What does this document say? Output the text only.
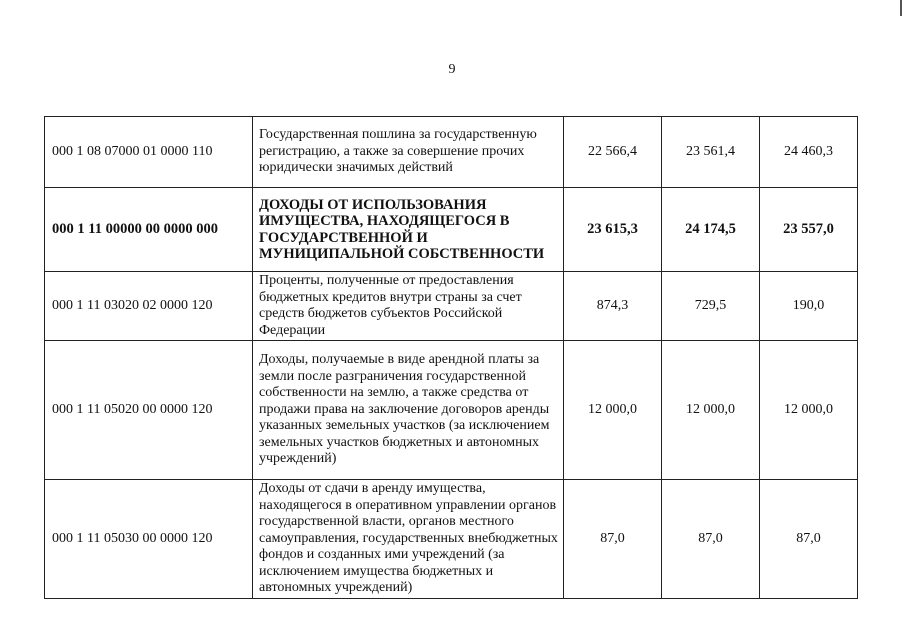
9
000 1 08 07000 01 0000 110	Государственная пошлина за государственную регистрацию, а также за совершение прочих юридически значимых действий	22 566,4	23 561,4	24 460,3
000 1 11 00000 00 0000 000	ДОХОДЫ ОТ ИСПОЛЬЗОВАНИЯ ИМУЩЕСТВА, НАХОДЯЩЕГОСЯ В ГОСУДАРСТВЕННОЙ И МУНИЦИПАЛЬНОЙ СОБСТВЕННОСТИ	23 615,3	24 174,5	23 557,0
000 1 11 03020 02 0000 120	Проценты, полученные от предоставления бюджетных кредитов внутри страны за счет средств бюджетов субъектов Российской Федерации	874,3	729,5	190,0
000 1 11 05020 00 0000 120	Доходы, получаемые в виде арендной платы за земли после разграничения государственной собственности на землю, а также средства от продажи права на заключение договоров аренды указанных земельных участков (за исключением земельных участков бюджетных и автономных учреждений)	12 000,0	12 000,0	12 000,0
000 1 11 05030 00 0000 120	Доходы от сдачи в аренду имущества, находящегося в оперативном управлении органов государственной власти, органов местного самоуправления, государственных внебюджетных фондов и созданных ими учреждений (за исключением имущества бюджетных и автономных учреждений)	87,0	87,0	87,0
